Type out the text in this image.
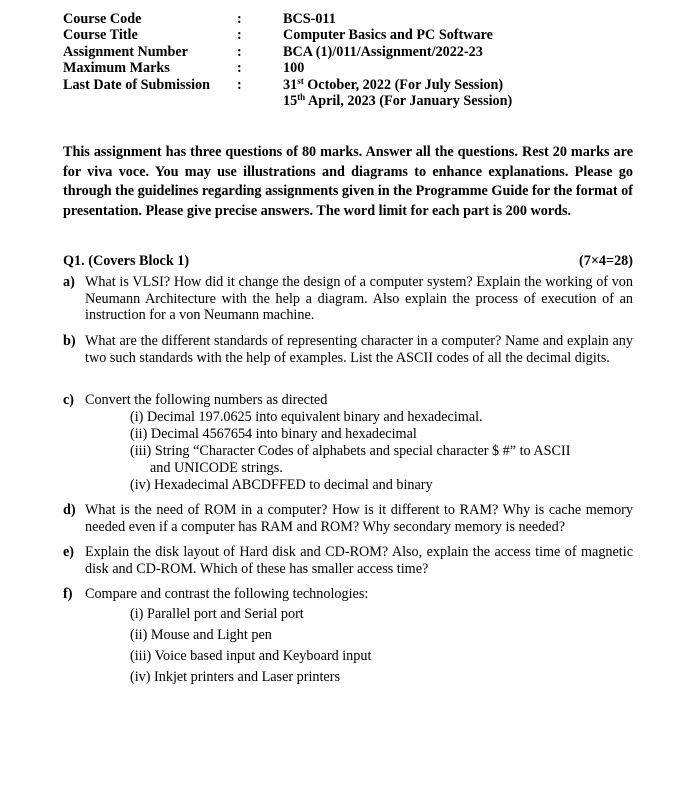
Course Code	:	BCS-011
Course Title	:	Computer Basics and PC Software
Assignment Number	:	BCA (1)/011/Assignment/2022-23
Maximum Marks	:	100
Last Date of Submission :	31st October, 2022 (For July Session)
15th April, 2023 (For January Session)
This assignment has three questions of 80 marks. Answer all the questions. Rest 20 marks are for viva voce. You may use illustrations and diagrams to enhance explanations. Please go through the guidelines regarding assignments given in the Programme Guide for the format of presentation. Please give precise answers. The word limit for each part is 200 words.
Q1. (Covers Block 1)	(7×4=28)
a) What is VLSI? How did it change the design of a computer system? Explain the working of von Neumann Architecture with the help a diagram. Also explain the process of execution of an instruction for a von Neumann machine.
b) What are the different standards of representing character in a computer? Name and explain any two such standards with the help of examples. List the ASCII codes of all the decimal digits.
c) Convert the following numbers as directed
(i) Decimal 197.0625 into equivalent binary and hexadecimal.
(ii) Decimal 4567654 into binary and hexadecimal
(iii) String “Character Codes of alphabets and special character $ #” to ASCII
and UNICODE strings.
(iv) Hexadecimal ABCDFFED to decimal and binary
d) What is the need of ROM in a computer? How is it different to RAM? Why is cache memory needed even if a computer has RAM and ROM? Why secondary memory is needed?
e) Explain the disk layout of Hard disk and CD-ROM? Also, explain the access time of magnetic disk and CD-ROM. Which of these has smaller access time?
f) Compare and contrast the following technologies:
(i) Parallel port and Serial port
(ii) Mouse and Light pen
(iii) Voice based input and Keyboard input
(iv) Inkjet printers and Laser printers
